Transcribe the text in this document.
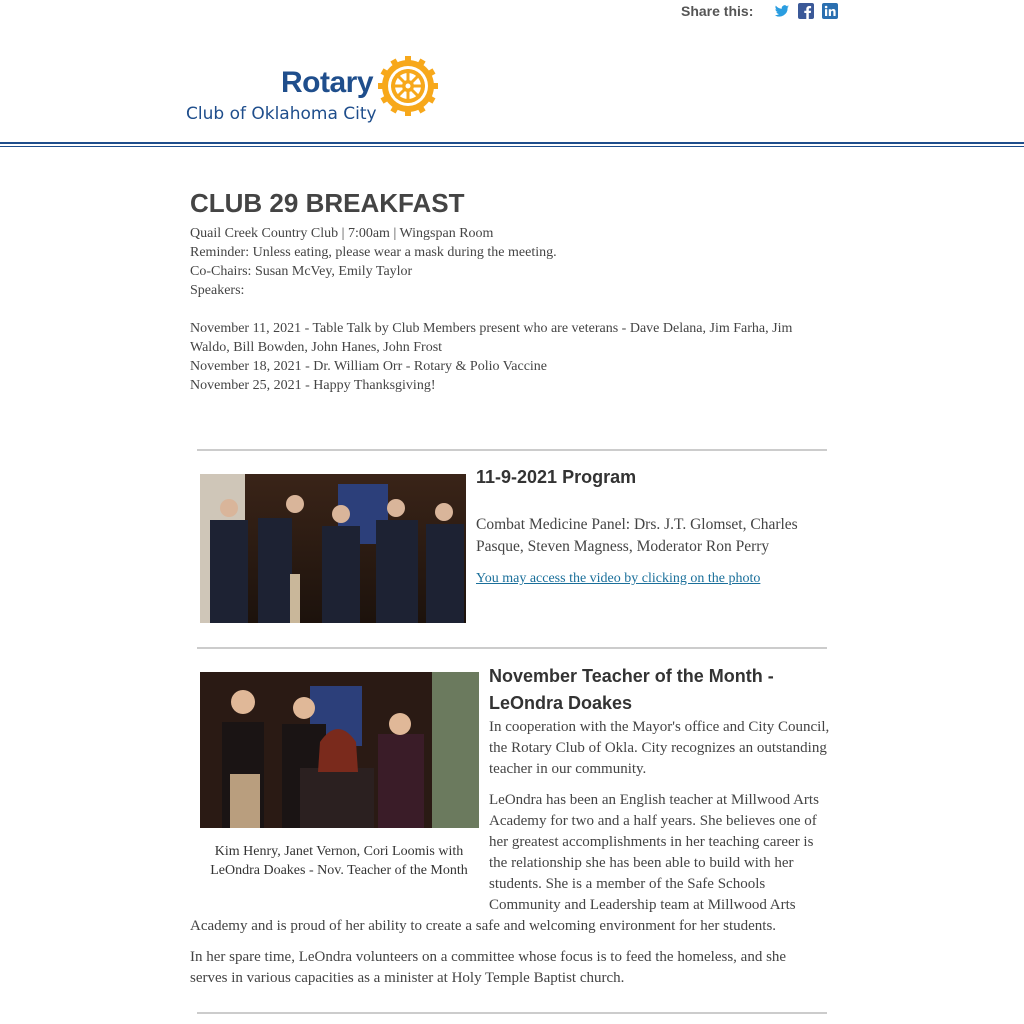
Share this:
Rotary
Club of Oklahoma City
CLUB 29 BREAKFAST
Quail Creek Country Club | 7:00am | Wingspan Room
Reminder: Unless eating, please wear a mask during the meeting.
Co-Chairs: Susan McVey, Emily Taylor
Speakers:
November 11, 2021 - Table Talk by Club Members present who are veterans - Dave Delana, Jim Farha, Jim
Waldo, Bill Bowden, John Hanes, John Frost
November 18, 2021 - Dr. William Orr - Rotary & Polio Vaccine
November 25, 2021 - Happy Thanksgiving!
11-9-2021 Program
Combat Medicine Panel: Drs. J.T. Glomset, Charles
Pasque, Steven Magness, Moderator Ron Perry
You may access the video by clicking on the photo
Kim Henry, Janet Vernon, Cori Loomis with
LeOndra Doakes - Nov. Teacher of the Month
November Teacher of the Month -
LeOndra Doakes
In cooperation with the Mayor's office and City Council,
the Rotary Club of Okla. City recognizes an outstanding
teacher in our community.
LeOndra has been an English teacher at Millwood Arts
Academy for two and a half years. She believes one of
her greatest accomplishments in her teaching career is
the relationship she has been able to build with her
students. She is a member of the Safe Schools
Community and Leadership team at Millwood Arts
Academy and is proud of her ability to create a safe and welcoming environment for her students.
In her spare time, LeOndra volunteers on a committee whose focus is to feed the homeless, and she
serves in various capacities as a minister at Holy Temple Baptist church.
